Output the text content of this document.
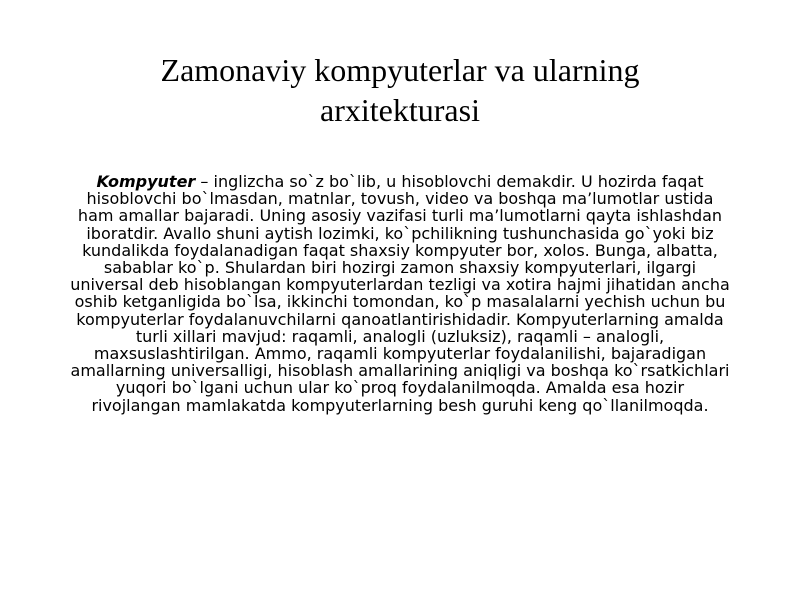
Zamonaviy kompyuterlar va ularning
arxitekturasi

Kompyuter – inglizcha so`z bo`lib, u hisoblovchi demakdir. U hozirda faqat hisoblovchi bo`lmasdan, matnlar, tovush, video va boshqa ma’lumotlar ustida ham amallar bajaradi. Uning asosiy vazifasi turli ma’lumotlarni qayta ishlashdan iboratdir. Avallo shuni aytish lozimki, ko`pchilikning tushunchasida go`yoki biz kundalikda foydalanadigan faqat shaxsiy kompyuter bor, xolos. Bunga, albatta, sabablar ko`p. Shulardan biri hozirgi zamon shaxsiy kompyuterlari, ilgargi universal deb hisoblangan kompyuterlardan tezligi va xotira hajmi jihatidan ancha oshib ketganligida bo`lsa, ikkinchi tomondan, ko`p masalalarni yechish uchun bu kompyuterlar foydalanuvchilarni qanoatlantirishidadir. Kompyuterlarning amalda turli xillari mavjud: raqamli, analogli (uzluksiz), raqamli – analogli, maxsuslashtirilgan. Ammo, raqamli kompyuterlar foydalanilishi, bajaradigan amallarning universalligi, hisoblash amallarining aniqligi va boshqa ko`rsatkichlari yuqori bo`lgani uchun ular ko`proq foydalanilmoqda. Amalda esa hozir rivojlangan mamlakatda kompyuterlarning besh guruhi keng qo`llanilmoqda.
